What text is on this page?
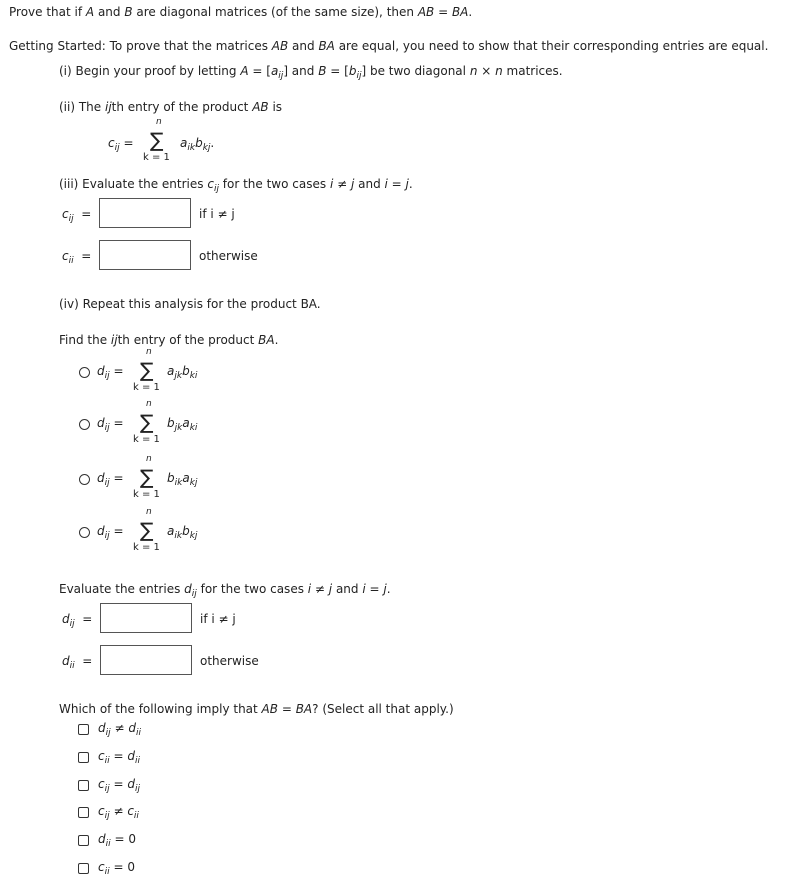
Prove that if A and B are diagonal matrices (of the same size), then AB = BA.
Getting Started: To prove that the matrices AB and BA are equal, you need to show that their corresponding entries are equal.
(i) Begin your proof by letting $A = [a_{ij}]$ and $B = [b_{ij}]$ be two diagonal n × n matrices.
(ii) The ijth entry of the product AB is
$c_{ij}$ =
n
∑
k = 1
$a_{ik}b_{kj}$.
(iii) Evaluate the entries $c_{ij}$ for the two cases i ≠ j and i = j.
$c_{ij}$ =	if i ≠ j
$c_{ii}$ =	otherwise
(iv) Repeat this analysis for the product BA.
Find the ijth entry of the product BA.
$d_{ij}$ =
n
∑
k = 1
$a_{jk}b_{ki}$
$d_{ij}$ =
n
∑
k = 1
$b_{jk}a_{ki}$
$d_{ij}$ =
n
∑
k = 1
$b_{ik}a_{kj}$
$d_{ij}$ =
n
∑
k = 1
$a_{ik}b_{kj}$
Evaluate the entries $d_{ij}$ for the two cases i ≠ j and i = j.
$d_{ij}$ =	if i ≠ j
$d_{ii}$ =	otherwise
Which of the following imply that AB = BA? (Select all that apply.)
$d_{ij} \ne d_{ii}$
$c_{ii} = d_{ii}$
$c_{ij} = d_{ij}$
$c_{ij} \ne c_{ii}$
$d_{ii} = 0$
$c_{ii} = 0$
